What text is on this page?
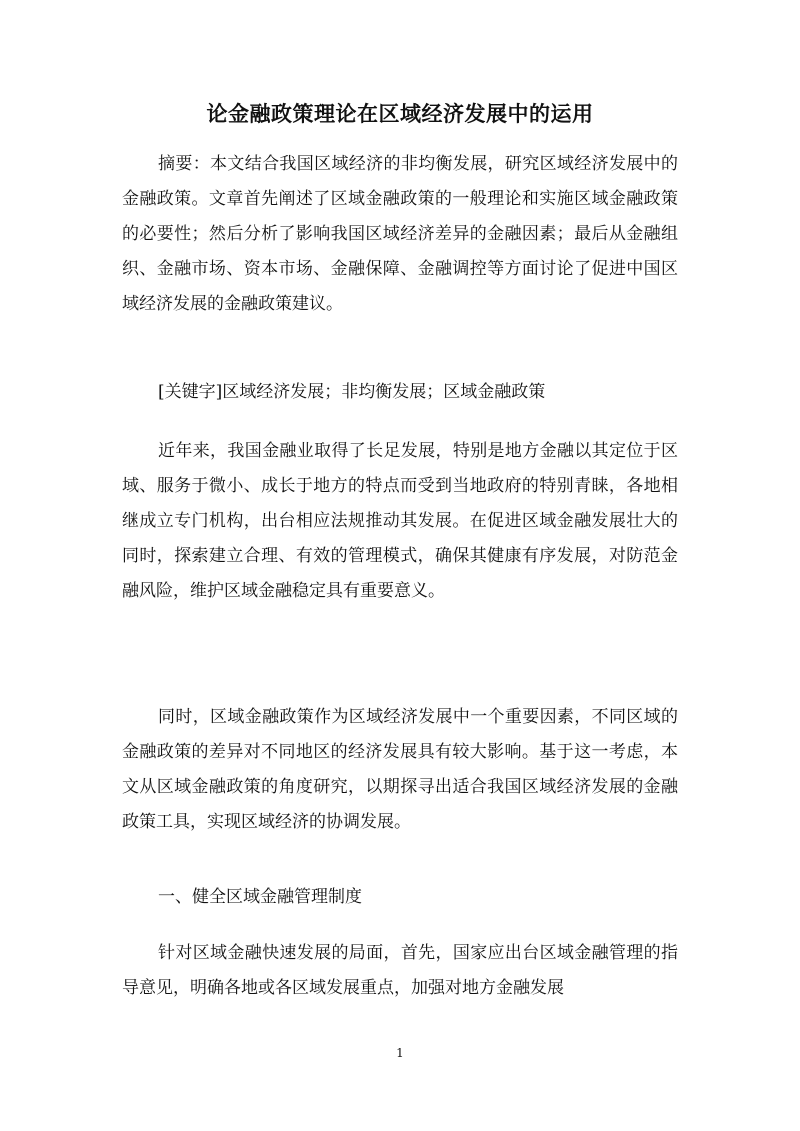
论金融政策理论在区域经济发展中的运用
摘要：本文结合我国区域经济的非均衡发展，研究区域经济发展中的金融政策。文章首先阐述了区域金融政策的一般理论和实施区域金融政策的必要性；然后分析了影响我国区域经济差异的金融因素；最后从金融组织、金融市场、资本市场、金融保障、金融调控等方面讨论了促进中国区域经济发展的金融政策建议。
[关键字]区域经济发展；非均衡发展；区域金融政策
近年来，我国金融业取得了长足发展，特别是地方金融以其定位于区域、服务于微小、成长于地方的特点而受到当地政府的特别青睐，各地相继成立专门机构，出台相应法规推动其发展。在促进区域金融发展壮大的同时，探索建立合理、有效的管理模式，确保其健康有序发展，对防范金融风险，维护区域金融稳定具有重要意义。
同时，区域金融政策作为区域经济发展中一个重要因素，不同区域的金融政策的差异对不同地区的经济发展具有较大影响。基于这一考虑，本文从区域金融政策的角度研究，以期探寻出适合我国区域经济发展的金融政策工具，实现区域经济的协调发展。
一、健全区域金融管理制度
针对区域金融快速发展的局面，首先，国家应出台区域金融管理的指导意见，明确各地或各区域发展重点，加强对地方金融发展
1
